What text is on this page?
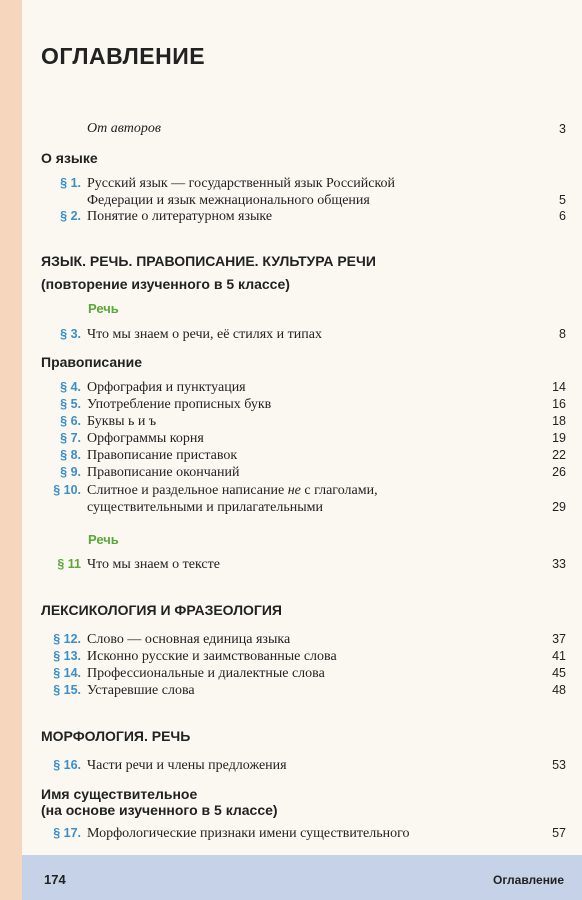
ОГЛАВЛЕНИЕ
От авторов	3
О языке
§ 1. Русский язык — государственный язык Российской
Федерации и язык межнационального общения	5
§ 2. Понятие о литературном языке	6
ЯЗЫК. РЕЧЬ. ПРАВОПИСАНИЕ. КУЛЬТУРА РЕЧИ
(повторение изученного в 5 классе)
Речь
§ 3. Что мы знаем о речи, её стилях и типах	8
Правописание
§ 4. Орфография и пунктуация	14
§ 5. Употребление прописных букв	16
§ 6. Буквы ь и ъ	18
§ 7. Орфограммы корня	19
§ 8. Правописание приставок	22
§ 9. Правописание окончаний	26
§ 10. Слитное и раздельное написание не с глаголами,
существительными и прилагательными	29
Речь
§ 11 Что мы знаем о тексте	33
ЛЕКСИКОЛОГИЯ И ФРАЗЕОЛОГИЯ
§ 12. Слово — основная единица языка	37
§ 13. Исконно русские и заимствованные слова	41
§ 14. Профессиональные и диалектные слова	45
§ 15. Устаревшие слова	48
МОРФОЛОГИЯ. РЕЧЬ
§ 16. Части речи и члены предложения	53
Имя существительное
(на основе изученного в 5 классе)
§ 17. Морфологические признаки имени существительного	57
174	Оглавление
